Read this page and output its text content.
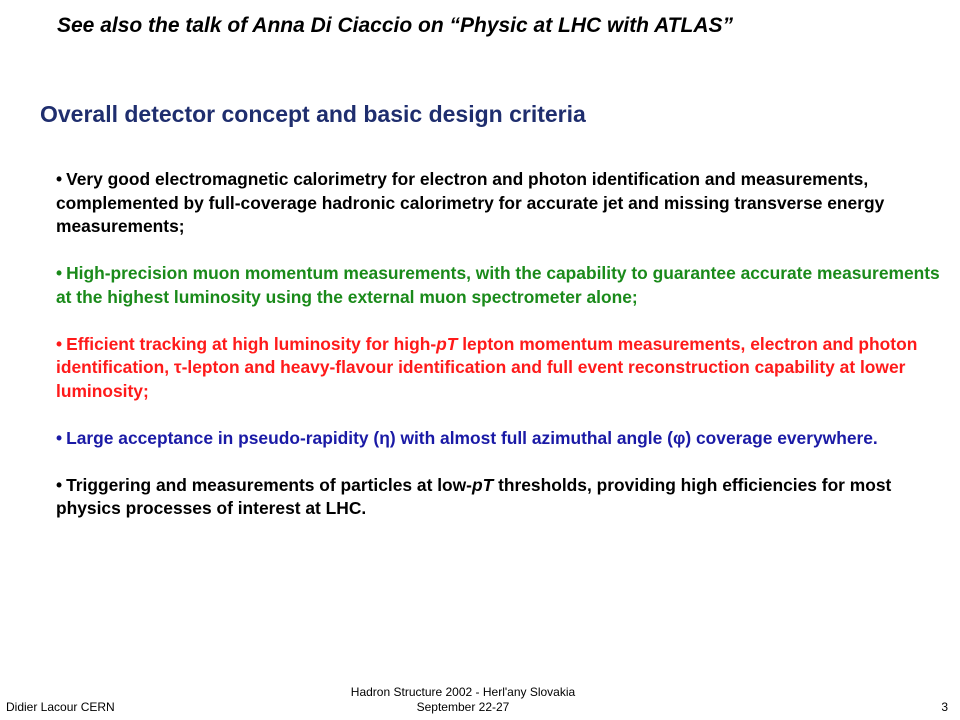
See also the talk of Anna Di Ciaccio on “Physic at LHC with ATLAS”
Overall detector concept and basic design criteria

• Very good electromagnetic calorimetry for electron and photon identification and measurements, complemented by full-coverage hadronic calorimetry for accurate jet and missing transverse energy measurements;

• High-precision muon momentum measurements, with the capability to guarantee accurate measurements at the highest luminosity using the external muon spectrometer alone;

• Efficient tracking at high luminosity for high-pT lepton momentum measurements, electron and photon identification, τ-lepton and heavy-flavour identification and full event reconstruction capability at lower luminosity;

• Large acceptance in pseudo-rapidity (η) with almost full azimuthal angle (φ) coverage everywhere.

• Triggering and measurements of particles at low-pT thresholds, providing high efficiencies for most physics processes of interest at LHC.

Didier Lacour CERN
Hadron Structure 2002 - Herl'any Slovakia
September 22-27	3
